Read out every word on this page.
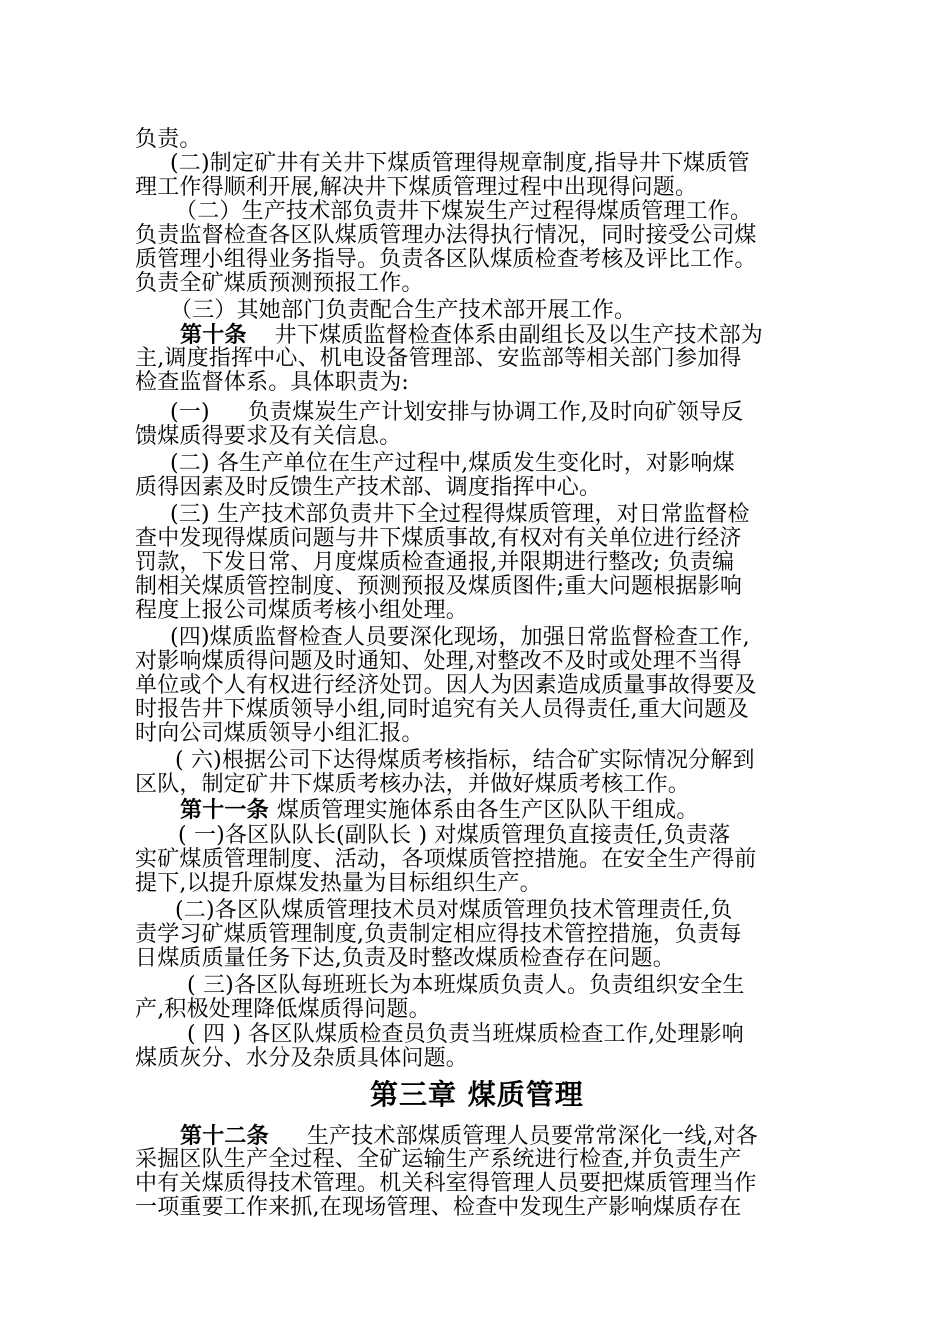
负责。
(二)制定矿井有关井下煤质管理得规章制度,指导井下煤质管
理工作得顺利开展,解决井下煤质管理过程中出现得问题。
（二）生产技术部负责井下煤炭生产过程得煤质管理工作。
负责监督检查各区队煤质管理办法得执行情况，同时接受公司煤
质管理小组得业务指导。负责各区队煤质检查考核及评比工作。
负责全矿煤质预测预报工作。
（三）其她部门负责配合生产技术部开展工作。
第十条 井下煤质监督检查体系由副组长及以生产技术部为
主,调度指挥中心、机电设备管理部、安监部等相关部门参加得
检查监督体系。具体职责为:
(一) 负责煤炭生产计划安排与协调工作,及时向矿领导反
馈煤质得要求及有关信息。
(二) 各生产单位在生产过程中,煤质发生变化时，对影响煤
质得因素及时反馈生产技术部、调度指挥中心。
(三) 生产技术部负责井下全过程得煤质管理，对日常监督检
查中发现得煤质问题与井下煤质事故,有权对有关单位进行经济
罚款，下发日常、月度煤质检查通报,并限期进行整改; 负责编
制相关煤质管控制度、预测预报及煤质图件;重大问题根据影响
程度上报公司煤质考核小组处理。
(四)煤质监督检查人员要深化现场，加强日常监督检查工作,
对影响煤质得问题及时通知、处理,对整改不及时或处理不当得
单位或个人有权进行经济处罚。因人为因素造成质量事故得要及
时报告井下煤质领导小组,同时追究有关人员得责任,重大问题及
时向公司煤质领导小组汇报。
( 六)根据公司下达得煤质考核指标，结合矿实际情况分解到
区队，制定矿井下煤质考核办法，并做好煤质考核工作。
第十一条 煤质管理实施体系由各生产区队队干组成。
( 一)各区队队长(副队长 ) 对煤质管理负直接责任,负责落
实矿煤质管理制度、活动，各项煤质管控措施。在安全生产得前
提下,以提升原煤发热量为目标组织生产。
(二)各区队煤质管理技术员对煤质管理负技术管理责任,负
责学习矿煤质管理制度,负责制定相应得技术管控措施，负责每
日煤质质量任务下达,负责及时整改煤质检查存在问题。
( 三)各区队每班班长为本班煤质负责人。负责组织安全生
产,积极处理降低煤质得问题。
( 四 ) 各区队煤质检查员负责当班煤质检查工作,处理影响
煤质灰分、水分及杂质具体问题。
第三章 煤质管理
第十二条 生产技术部煤质管理人员要常常深化一线,对各
采掘区队生产全过程、全矿运输生产系统进行检查,并负责生产
中有关煤质得技术管理。机关科室得管理人员要把煤质管理当作
一项重要工作来抓,在现场管理、检查中发现生产影响煤质存在
